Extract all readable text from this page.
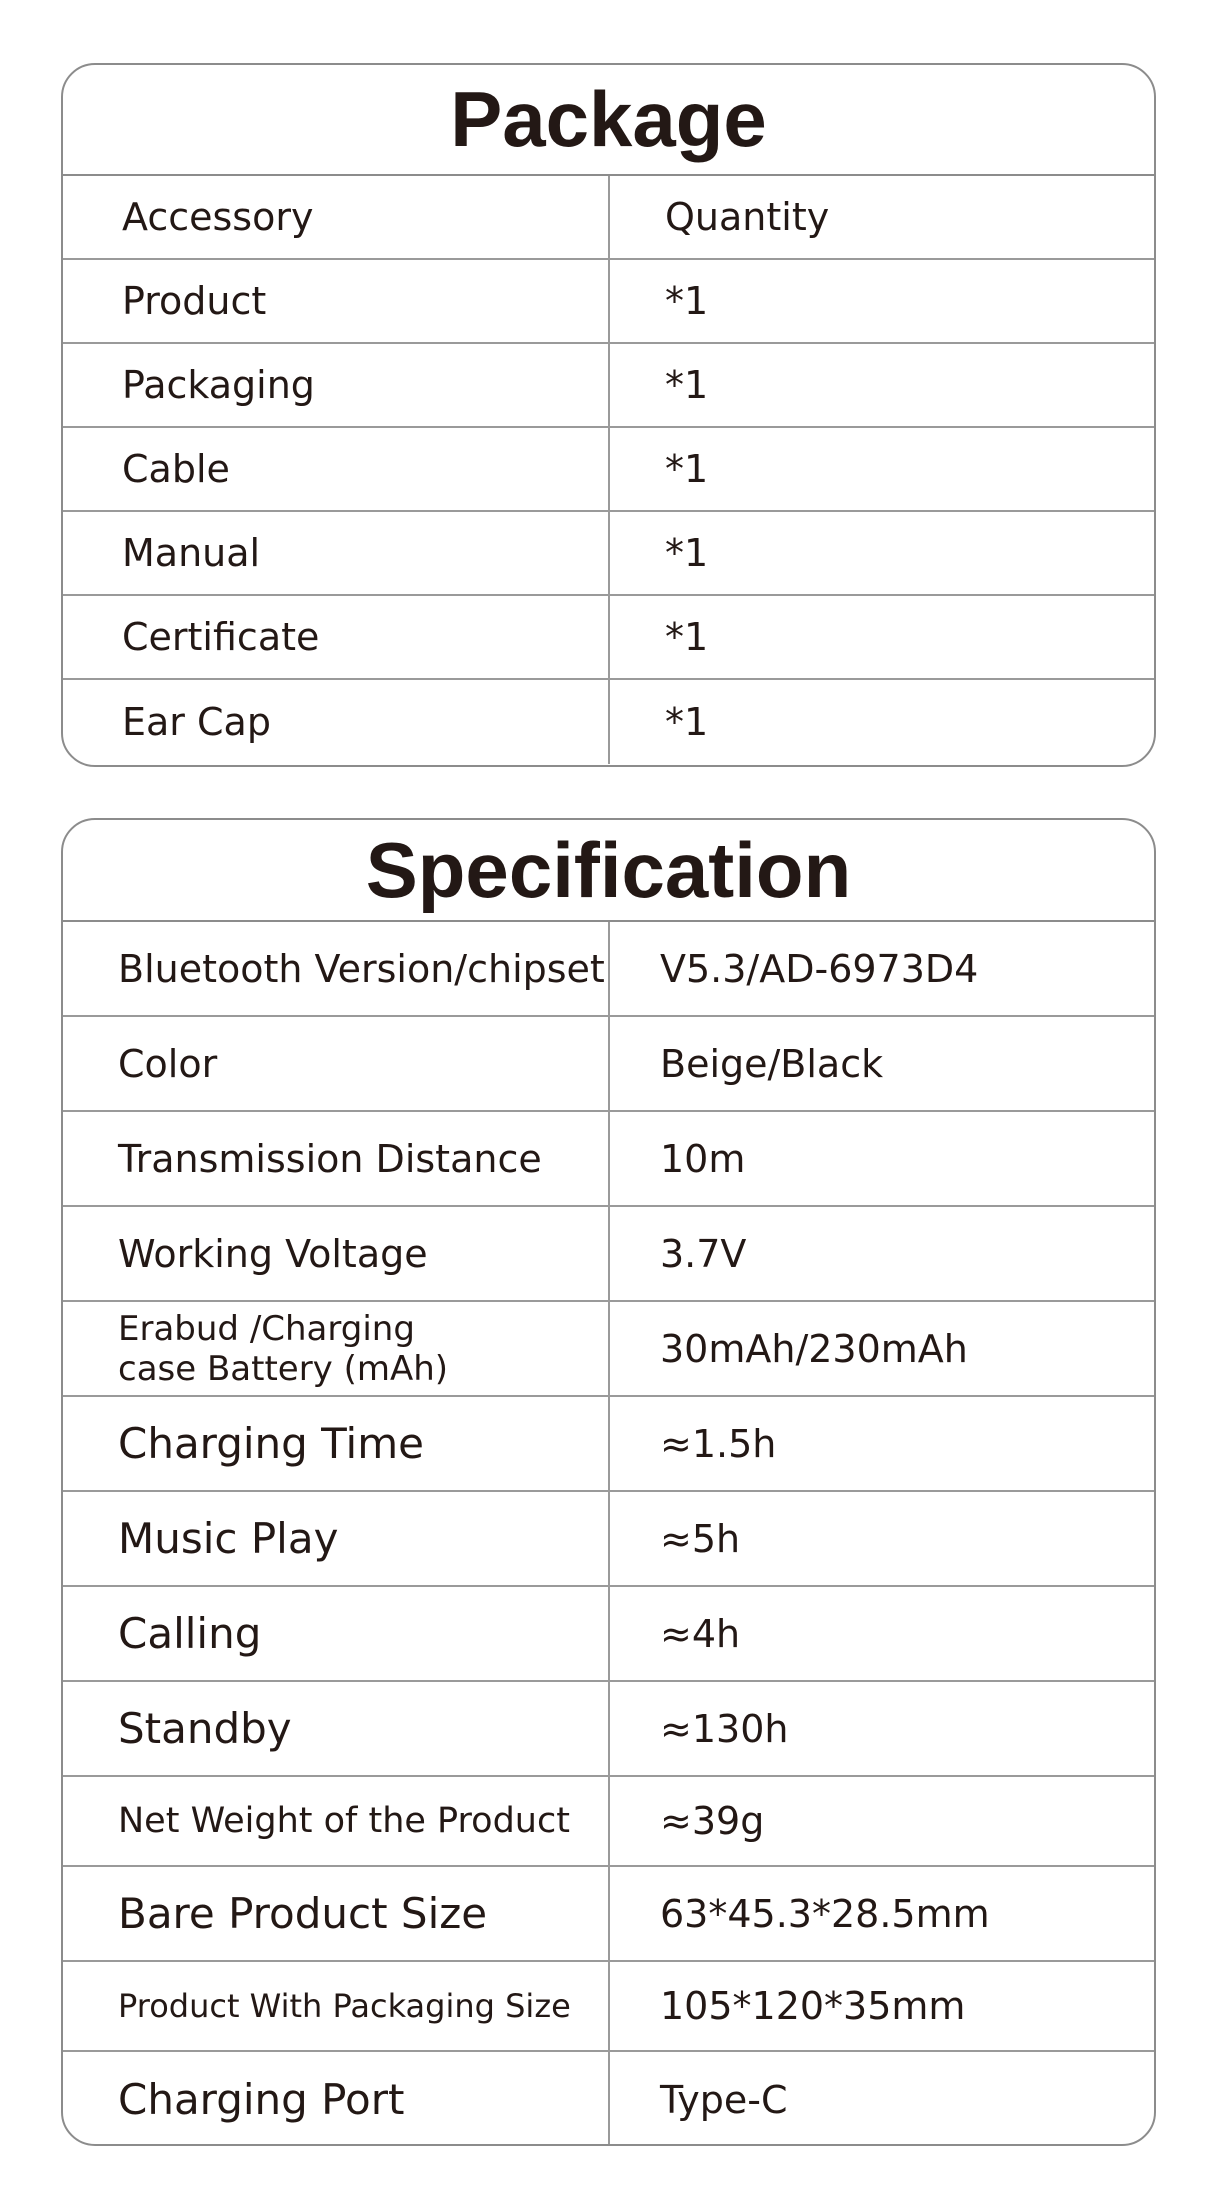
Package
Accessory	Quantity
Product	*1
Packaging	*1
Cable	*1
Manual	*1
Certificate	*1
Ear Cap	*1
Specification
Bluetooth Version/chipset	V5.3/AD-6973D4
Color	Beige/Black
Transmission Distance	10m
Working Voltage	3.7V
Erabud /Charging
case Battery (mAh)	30mAh/230mAh
Charging Time	≈1.5h
Music Play	≈5h
Calling	≈4h
Standby	≈130h
Net Weight of the Product	≈39g
Bare Product Size	63*45.3*28.5mm
Product With Packaging Size	105*120*35mm
Charging Port	Type-C
